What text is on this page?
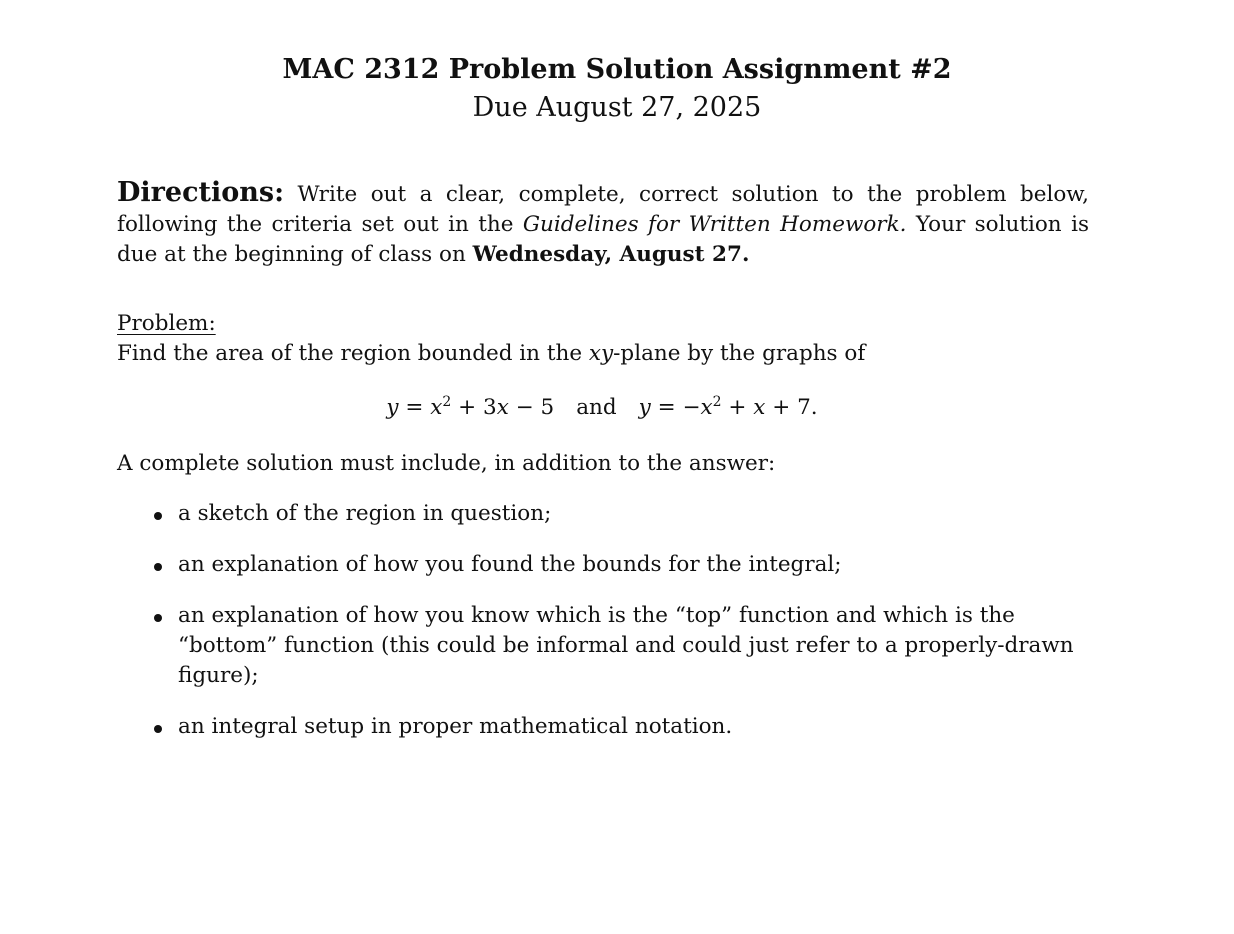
MAC 2312 Problem Solution Assignment #2
Due August 27, 2025
Directions: Write out a clear, complete, correct solution to the problem below, following the criteria set out in the Guidelines for Written Homework. Your solution is due at the beginning of class on Wednesday, August 27.
Problem:
Find the area of the region bounded in the xy-plane by the graphs of
$y = x^2 + 3x - 5$ and $y = -x^2 + x + 7$.
A complete solution must include, in addition to the answer:
a sketch of the region in question;
an explanation of how you found the bounds for the integral;
an explanation of how you know which is the “top” function and which is the “bottom” function (this could be informal and could just refer to a properly-drawn figure);
an integral setup in proper mathematical notation.
